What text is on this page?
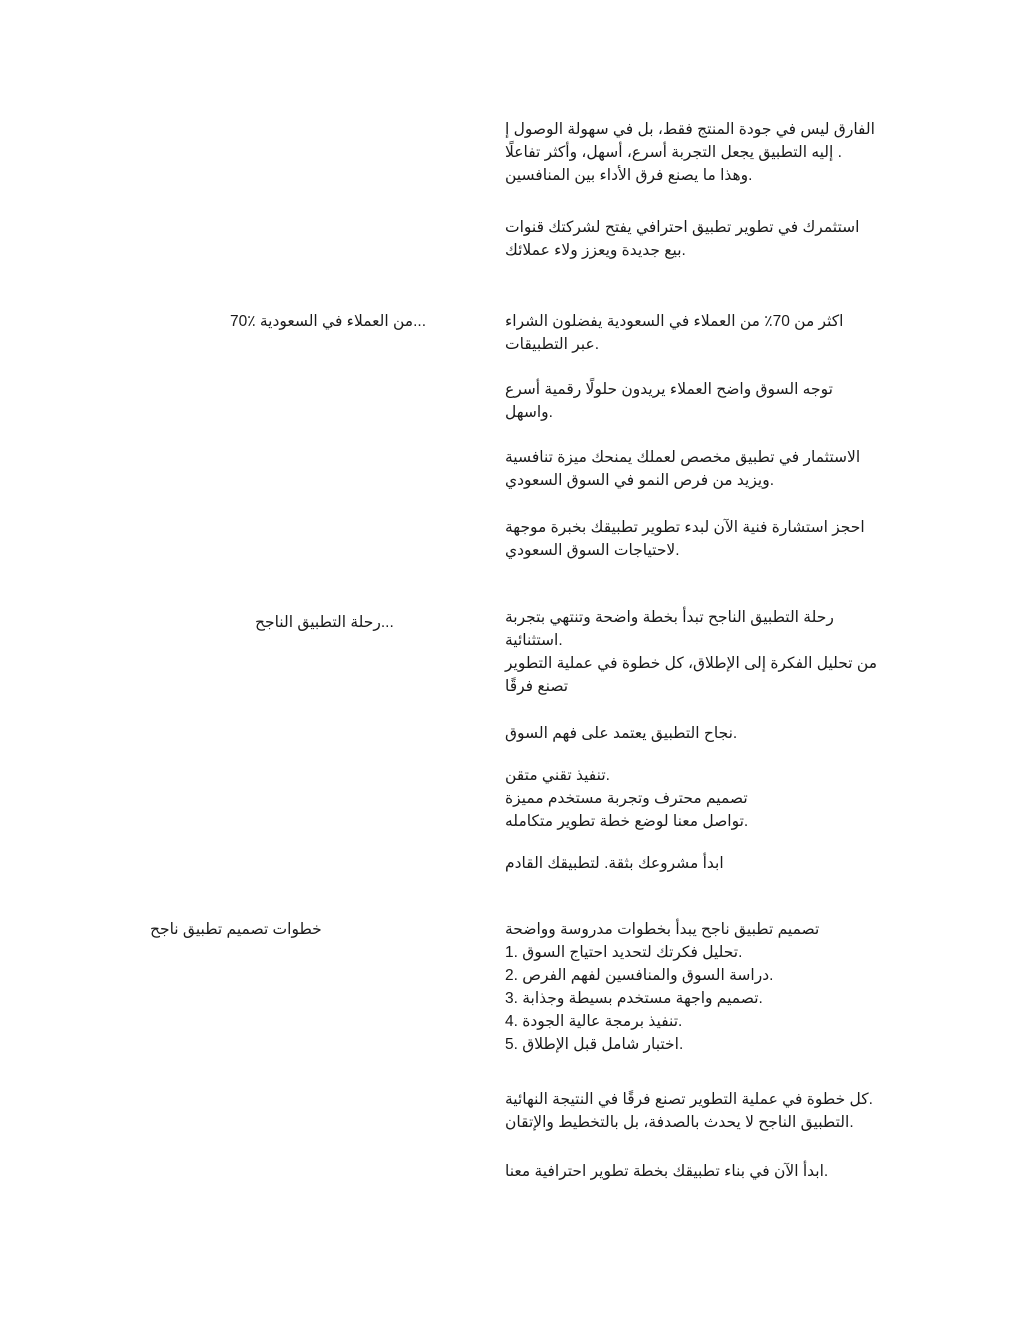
الفارق ليس في جودة المنتج فقط، بل في سهولة الوصول إ
إليه التطبيق يجعل التجربة أسرع، أسهل، وأكثر تفاعلًا .
وهذا ما يصنع فرق الأداء بين المنافسين.

استثمرك في تطوير تطبيق احترافي يفتح لشركتك قنوات
بيع جديدة ويعزز ولاء عملائك.

70٪ من العملاء في السعودية...	اكثر من 70٪ من العملاء في السعودية يفضلون الشراء
عبر التطبيقات.

توجه السوق واضح العملاء يريدون حلولًا رقمية أسرع
واسهل.

الاستثمار في تطبيق مخصص لعملك يمنحك ميزة تنافسية
ويزيد من فرص النمو في السوق السعودي.

احجز استشارة فنية الآن لبدء تطوير تطبيقك بخبرة موجهة
لاحتياجات السوق السعودي.

رحلة التطبيق الناجح...	رحلة التطبيق الناجح تبدأ بخطة واضحة وتنتهي بتجربة
استثنائية.
من تحليل الفكرة إلى الإطلاق، كل خطوة في عملية التطوير
تصنع فرقًا

نجاح التطبيق يعتمد على فهم السوق.

تنفيذ تقني متقن.
تصميم محترف وتجربة مستخدم مميزة
تواصل معنا لوضع خطة تطوير متكامله.

ابدأ مشروعك بثقة. لتطبيقك القادم

خطوات تصميم تطبيق ناجح	تصميم تطبيق ناجح يبدأ بخطوات مدروسة وواضحة
1. تحليل فكرتك لتحديد احتياج السوق.
2. دراسة السوق والمنافسين لفهم الفرص.
3. تصميم واجهة مستخدم بسيطة وجذابة.
4. تنفيذ برمجة عالية الجودة.
5. اختبار شامل قبل الإطلاق.

كل خطوة في عملية التطوير تصنع فرقًا في النتيجة النهائية.
التطبيق الناجح لا يحدث بالصدفة، بل بالتخطيط والإتقان.

ابدأ الآن في بناء تطبيقك بخطة تطوير احترافية معنا.
